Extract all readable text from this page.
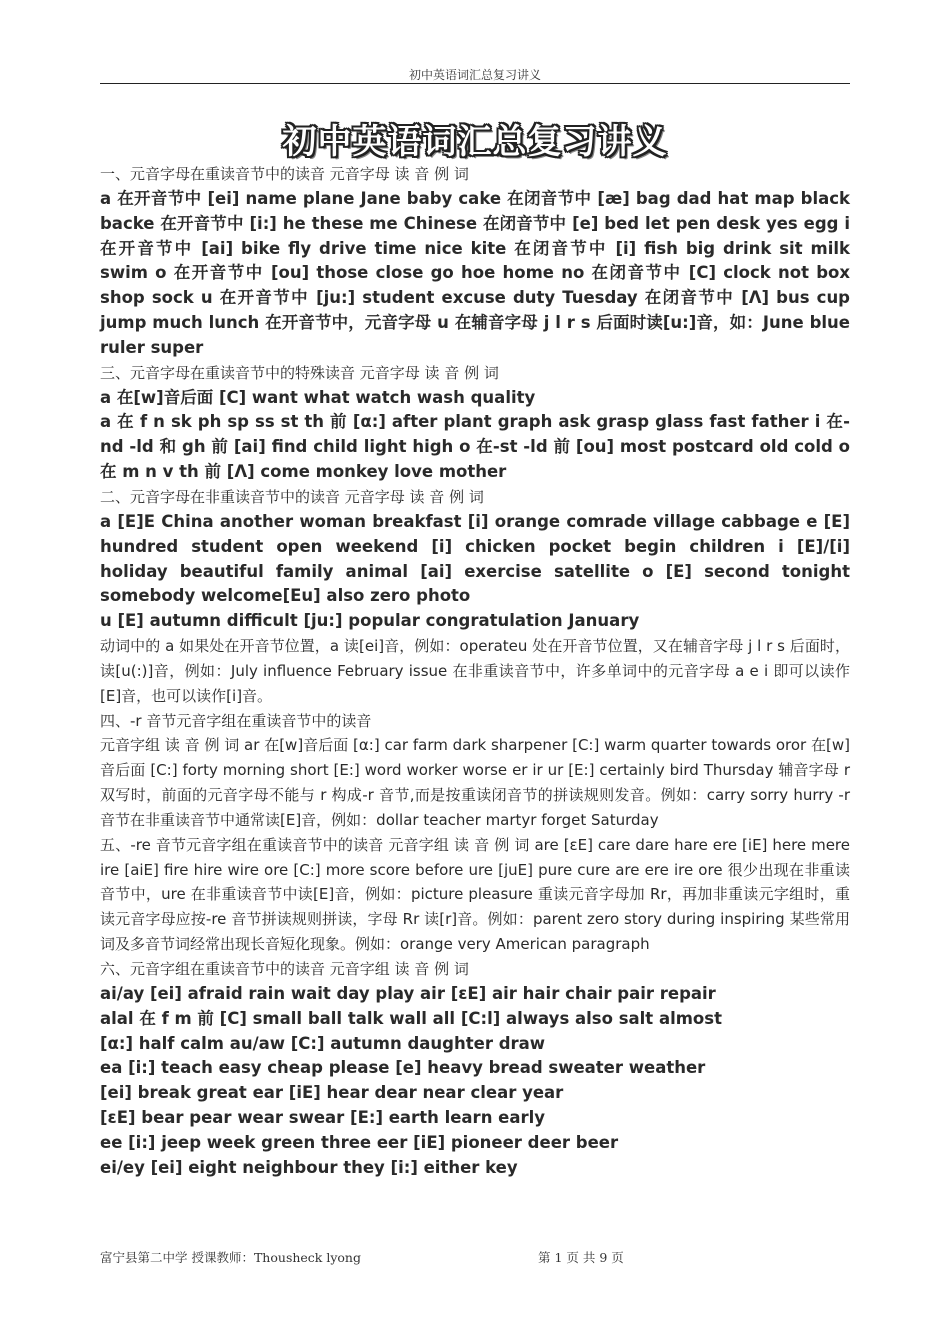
初中英语词汇总复习讲义
初中英语词汇总复习讲义

一、元音字母在重读音节中的读音 元音字母 读 音 例 词

a 在开音节中 [ei] name plane Jane baby cake 在闭音节中 [æ] bag dad hat map black backe 在开音节中 [i:] he these me Chinese 在闭音节中 [e] bed let pen desk yes egg i 在开音节中 [ai] bike fly drive time nice kite 在闭音节中 [i] fish big drink sit milk swim o 在开音节中 [ou] those close go hoe home no 在闭音节中 [C] clock not box shop sock u 在开音节中 [ju:] student excuse duty Tuesday 在闭音节中 [Λ] bus cup jump much lunch 在开音节中，元音字母 u 在辅音字母 j l r s 后面时读[u:]音，如：June blue ruler super

三、元音字母在重读音节中的特殊读音 元音字母 读 音 例 词

a 在[w]音后面 [C] want what watch wash quality

a 在 f n sk ph sp ss st th 前 [α:] after plant graph ask grasp glass fast father i 在-nd -ld 和 gh 前 [ai] find child light high o 在-st -ld 前 [ou] most postcard old cold o 在 m n v th 前 [Λ] come monkey love mother

二、元音字母在非重读音节中的读音 元音字母 读 音 例 词

a [E]E China another woman breakfast [i] orange comrade village cabbage e [E] hundred student open weekend [i] chicken pocket begin children i [E]/[i] holiday beautiful family animal [ai] exercise satellite o [E] second tonight somebody welcome[Eu] also zero photo

u [E] autumn difficult [ju:] popular congratulation January

动词中的 a 如果处在开音节位置，a 读[ei]音，例如：operateu 处在开音节位置，又在辅音字母 j l r s 后面时，读[u(:)]音，例如：July influence February issue 在非重读音节中，许多单词中的元音字母 a e i 即可以读作[E]音，也可以读作[i]音。

四、-r 音节元音字组在重读音节中的读音

元音字组 读 音 例 词 ar 在[w]音后面 [α:] car farm dark sharpener [C:] warm quarter towards oror 在[w]音后面 [C:] forty morning short [E:] word worker worse er ir ur [E:] certainly bird Thursday 辅音字母 r 双写时，前面的元音字母不能与 r 构成-r 音节,而是按重读闭音节的拼读规则发音。例如：carry sorry hurry -r 音节在非重读音节中通常读[E]音，例如：dollar teacher martyr forget Saturday

五、-re 音节元音字组在重读音节中的读音 元音字组 读 音 例 词 are [εE] care dare hare ere [iE] here mere ire [aiE] fire hire wire ore [C:] more score before ure [juE] pure cure are ere ire ore 很少出现在非重读音节中，ure 在非重读音节中读[E]音，例如：picture pleasure 重读元音字母加 Rr，再加非重读元字组时，重读元音字母应按-re 音节拼读规则拼读，字母 Rr 读[r]音。例如：parent zero story during inspiring 某些常用词及多音节词经常出现长音短化现象。例如：orange very American paragraph

六、元音字组在重读音节中的读音 元音字组 读 音 例 词

ai/ay [ei] afraid rain wait day play air [εE] air hair chair pair repair

alal 在 f m 前 [C] small ball talk wall all [C:l] always also salt almost

[α:] half calm au/aw [C:] autumn daughter draw

ea [i:] teach easy cheap please [e] heavy bread sweater weather

[ei] break great ear [iE] hear dear near clear year

[εE] bear pear wear swear [E:] earth learn early

ee [i:] jeep week green three eer [iE] pioneer deer beer

ei/ey [ei] eight neighbour they [i:] either key

富宁县第二中学 授课教师：Thousheck lyong	第 1 页 共 9 页
